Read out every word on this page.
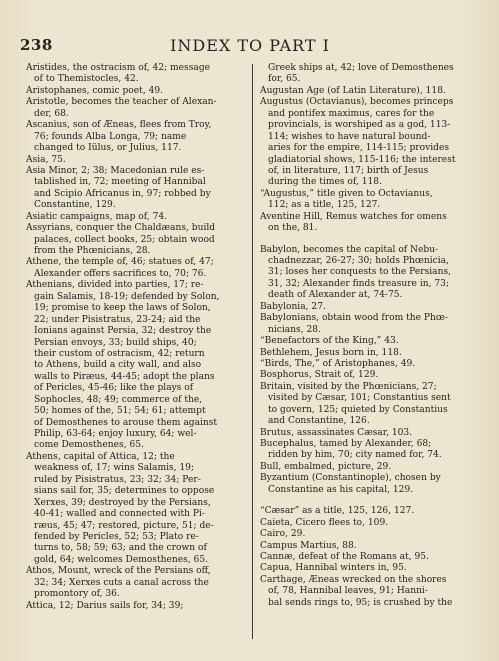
238	INDEX TO PART I
Aristides, the ostracism of, 42; message
of to Themistocles, 42.
Aristophanes, comic poet, 49.
Aristotle, becomes the teacher of Alexan-
der, 68.
Ascanius, son of Æneas, flees from Troy,
76; founds Alba Longa, 79; name
changed to Iülus, or Julius, 117.
Asia, 75.
Asia Minor, 2; 38; Macedonian rule es-
tablished in, 72; meeting of Hannibal
and Scipio Africanus in, 97; robbed by
Constantine, 129.
Asiatic campaigns, map of, 74.
Assyrians, conquer the Chaldæans, build
palaces, collect books, 25; obtain wood
from the Phœnicians, 28.
Athene, the temple of, 46; statues of, 47;
Alexander offers sacrifices to, 70; 76.
Athenians, divided into parties, 17; re-
gain Salamis, 18-19; defended by Solon,
19; promise to keep the laws of Solon,
22; under Pisistratus, 23-24; aid the
Ionians against Persia, 32; destroy the
Persian envoys, 33; build ships, 40;
their custom of ostracism, 42; return
to Athens, build a city wall, and also
walls to Piræus, 44-45; adopt the plans
of Pericles, 45-46; like the plays of
Sophocles, 48; 49; commerce of the,
50; homes of the, 51; 54; 61; attempt
of Demosthenes to arouse them against
Philip, 63-64; enjoy luxury, 64; wel-
come Demosthenes, 65.
Athens, capital of Attica, 12; the
weakness of, 17; wins Salamis, 19;
ruled by Pisistratus, 23; 32; 34; Per-
sians sail for, 35; determines to oppose
Xerxes, 39; destroyed by the Persians,
40-41; walled and connected with Pi-
ræus, 45; 47; restored, picture, 51; de-
fended by Pericles, 52; 53; Plato re-
turns to, 58; 59; 63; and the crown of
gold, 64; welcomes Demosthenes, 65.
Athos, Mount, wreck of the Persians off,
32; 34; Xerxes cuts a canal across the
promontory of, 36.
Attica, 12; Darius sails for, 34; 39;
Greek ships at, 42; love of Demosthenes
for, 65.
Augustan Age (of Latin Literature), 118.
Augustus (Octavianus), becomes princeps
and pontifex maximus, cares for the
provincials, is worshiped as a god, 113-
114; wishes to have natural bound-
aries for the empire, 114-115; provides
gladiatorial shows, 115-116; the interest
of, in literature, 117; birth of Jesus
during the times of, 118.
“Augustus,” title given to Octavianus,
112; as a title, 125, 127.
Aventine Hill, Remus watches for omens
on the, 81.
Babylon, becomes the capital of Nebu-
chadnezzar, 26-27; 30; holds Phœnicia,
31; loses her conquests to the Persians,
31, 32; Alexander finds treasure in, 73;
death of Alexander at, 74-75.
Babylonia, 27.
Babylonians, obtain wood from the Phœ-
nicians, 28.
“Benefactors of the King,” 43.
Bethlehem, Jesus born in, 118.
“Birds, The,” of Aristophanes, 49.
Bosphorus, Strait of, 129.
Britain, visited by the Phœnicians, 27;
visited by Cæsar, 101; Constantius sent
to govern, 125; quieted by Constantius
and Constantine, 126.
Brutus, assassinates Cæsar, 103.
Bucephalus, tamed by Alexander, 68;
ridden by him, 70; city named for, 74.
Bull, embalmed, picture, 29.
Byzantium (Constantinople), chosen by
Constantine as his capital, 129.
“Cæsar” as a title, 125, 126, 127.
Caieta, Cicero flees to, 109.
Cairo, 29.
Campus Martius, 88.
Cannæ, defeat of the Romans at, 95.
Capua, Hannibal winters in, 95.
Carthage, Æneas wrecked on the shores
of, 78, Hannibal leaves, 91; Hanni-
bal sends rings to, 95; is crushed by the
